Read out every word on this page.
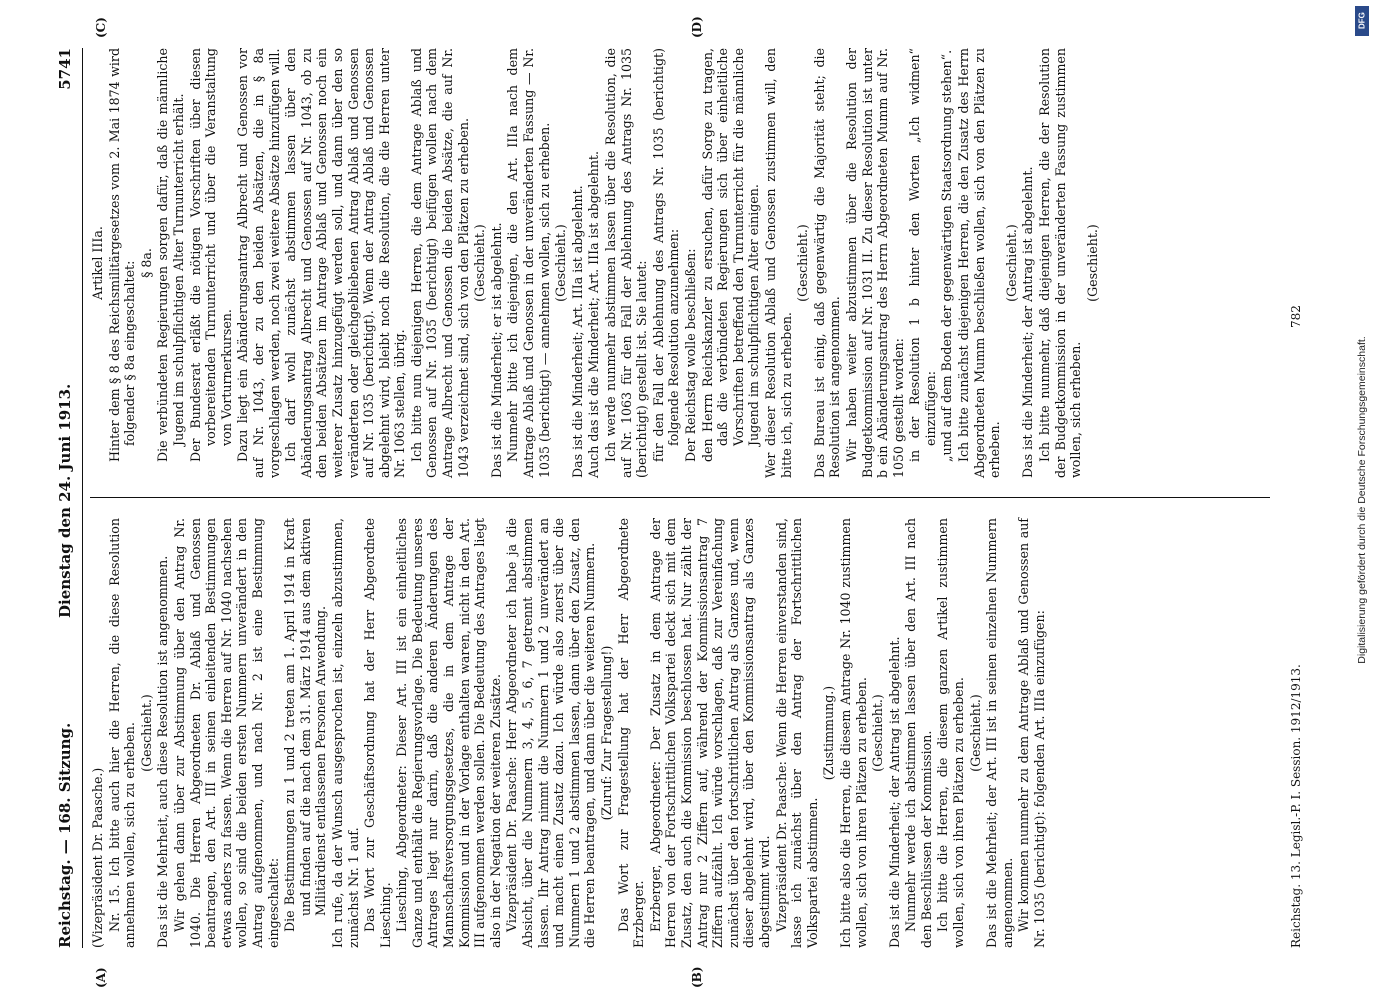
Reichstag. — 168. Sitzung.
Dienstag den 24. Juni 1913.
5741
(A)	(B)
(C)	(D)

(Vizepräsident Dr. Paasche.) Nr. 15. Ich bitte auch hier die Herren, die diese Resolution annehmen wollen, sich zu erheben. (Geschieht.) Das ist die Mehrheit, auch diese Resolution ist angenommen. Wir gehen dann über zur Abstimmung über den Antrag Nr. 1040. Die Herren Abgeordneten Dr. Ablaß und Genossen beantragen, den Art. III in seinen einleitenden Bestimmungen etwas anders zu fassen. Wenn die Herren auf Nr. 1040 nachsehen wollen, so sind die beiden ersten Nummern unverändert in den Antrag aufgenommen, und nach Nr. 2 ist eine Bestimmung eingeschaltet: Die Bestimmungen zu 1 und 2 treten am 1. April 1914 in Kraft und finden auf die nach dem 31. März 1914 aus dem aktiven Militärdienst entlassenen Personen Anwendung. Ich rufe, da der Wunsch ausgesprochen ist, einzeln abzustimmen, zunächst Nr. 1 auf. Das Wort zur Geschäftsordnung hat der Herr Abgeordnete Liesching. Liesching, Abgeordneter: Dieser Art. III ist ein einheitliches Ganze und enthält die Regierungsvorlage. Die Bedeutung unseres Antrages liegt nur darin, daß die anderen Änderungen des Mannschaftsversorgungsgesetzes, die in dem Antrage der Kommission und in der Vorlage enthalten waren, nicht in den Art. III aufgenommen werden sollen. Die Bedeutung des Antrages liegt also in der Negation der weiteren Zusätze. Vizepräsident Dr. Paasche: Herr Abgeordneter ich habe ja die Absicht, über die Nummern 3, 4, 5, 6, 7 getrennt abstimmen lassen. Ihr Antrag nimmt die Nummern 1 und 2 unverändert an und macht einen Zusatz dazu. Ich würde also zuerst über die Nummern 1 und 2 abstimmen lassen, dann über den Zusatz, den die Herren beantragen, und dann über die weiteren Nummern. (Zuruf: Zur Fragestellung!) Das Wort zur Fragestellung hat der Herr Abgeordnete Erzberger. Erzberger, Abgeordneter: Der Zusatz in dem Antrage der Herren von der Fortschrittlichen Volkspartei deckt sich mit dem Zusatz, den auch die Kommission beschlossen hat. Nur zählt der Antrag nur 2 Ziffern auf, während der Kommissionsantrag 7 Ziffern aufzählt. Ich würde vorschlagen, daß zur Vereinfachung zunächst über den fortschrittlichen Antrag als Ganzes und, wenn dieser abgelehnt wird, über den Kommissionsantrag als Ganzes abgestimmt wird. Vizepräsident Dr. Paasche: Wenn die Herren einverstanden sind, lasse ich zunächst über den Antrag der Fortschrittlichen Volkspartei abstimmen.

(Zustimmung.) Ich bitte also die Herren, die diesem Antrage Nr. 1040 zustimmen wollen, sich von ihren Plätzen zu erheben. (Geschieht.) Das ist die Minderheit; der Antrag ist abgelehnt. Nunmehr werde ich abstimmen lassen über den Art. III nach den Beschlüssen der Kommission. Ich bitte die Herren, die diesem ganzen Artikel zustimmen wollen, sich von ihren Plätzen zu erheben. (Geschieht.) Das ist die Mehrheit; der Art. III ist in seinen einzelnen Nummern angenommen. Wir kommen nunmehr zu dem Antrage Ablaß und Genossen auf Nr. 1035 (berichtigt): folgenden Art. IIIa einzufügen:

Artikel IIIa. Hinter dem § 8 des Reichsmilitärgesetzes vom 2. Mai 1874 wird folgender § 8a eingeschaltet: § 8a. Die verbündeten Regierungen sorgen dafür, daß die männliche Jugend im schulpflichtigen Alter Turnunterricht erhält. Der Bundesrat erläßt die nötigen Vorschriften über diesen vorbereitenden Turnunterricht und über die Veranstaltung von Vorturnerkursen. Dazu liegt ein Abänderungsantrag Albrecht und Genossen vor auf Nr. 1043, der zu den beiden Absätzen, die in § 8a vorgeschlagen werden, noch zwei weitere Absätze hinzufügen will. Ich darf wohl zunächst abstimmen lassen über den Abänderungsantrag Albrecht und Genossen auf Nr. 1043, ob zu den beiden Absätzen im Antrage Ablaß und Genossen noch ein weiterer Zusatz hinzugefügt werden soll, und dann über den so veränderten oder gleichgebliebenen Antrag Ablaß und Genossen auf Nr. 1035 (berichtigt). Wenn der Antrag Ablaß und Genossen abgelehnt wird, bleibt noch die Resolution, die die Herren unter Nr. 1063 stellen, übrig. Ich bitte nun diejenigen Herren, die dem Antrage Ablaß und Genossen auf Nr. 1035 (berichtigt) beifügen wollen nach dem Antrage Albrecht und Genossen die beiden Absätze, die auf Nr. 1043 verzeichnet sind, sich von den Plätzen zu erheben. (Geschieht.) Das ist die Minderheit; er ist abgelehnt. Nunmehr bitte ich diejenigen, die den Art. IIIa nach dem Antrage Ablaß und Genossen in der unveränderten Fassung — Nr. 1035 (berichtigt) — annehmen wollen, sich zu erheben. (Geschieht.) Das ist die Minderheit; Art. IIIa ist abgelehnt. Auch das ist die Minderheit; Art. IIIa ist abgelehnt. Ich werde nunmehr abstimmen lassen über die Resolution, die auf Nr. 1063 für den Fall der Ablehnung des Antrags Nr. 1035 (berichtigt) gestellt ist. Sie lautet: für den Fall der Ablehnung des Antrags Nr. 1035 (berichtigt) folgende Resolution anzunehmen: Der Reichstag wolle beschließen: den Herrn Reichskanzler zu ersuchen, dafür Sorge zu tragen, daß die verbündeten Regierungen sich über einheitliche Vorschriften betreffend den Turnunterricht für die männliche Jugend im schulpflichtigen Alter einigen. Wer dieser Resolution Ablaß und Genossen zustimmen will, den bitte ich, sich zu erheben.

(Geschieht.) Das Bureau ist einig, daß gegenwärtig die Majorität steht; die Resolution ist angenommen. Wir haben weiter abzustimmen über die Resolution der Budgetkommission auf Nr. 1031 II. Zu dieser Resolution ist unter b ein Abänderungsantrag des Herrn Abgeordneten Mumm auf Nr. 1050 gestellt worden: in der Resolution 1 b hinter den Worten „Ich widmen“ einzufügen: „und auf dem Boden der gegenwärtigen Staatsordnung stehen“. Ich bitte zunächst diejenigen Herren, die den Zusatz des Herrn Abgeordneten Mumm beschließen wollen, sich von den Plätzen zu erheben.

(Geschieht.) Das ist die Minderheit; der Antrag ist abgelehnt. Ich bitte nunmehr, daß diejenigen Herren, die der Resolution der Budgetkommission in der unveränderten Fassung zustimmen wollen, sich erheben.

(Geschieht.)

Reichstag. 13. Legisl.-P. I. Session. 1912/1913.
782
DFG
Digitalisierung gefördert durch die Deutsche Forschungsgemeinschaft.
